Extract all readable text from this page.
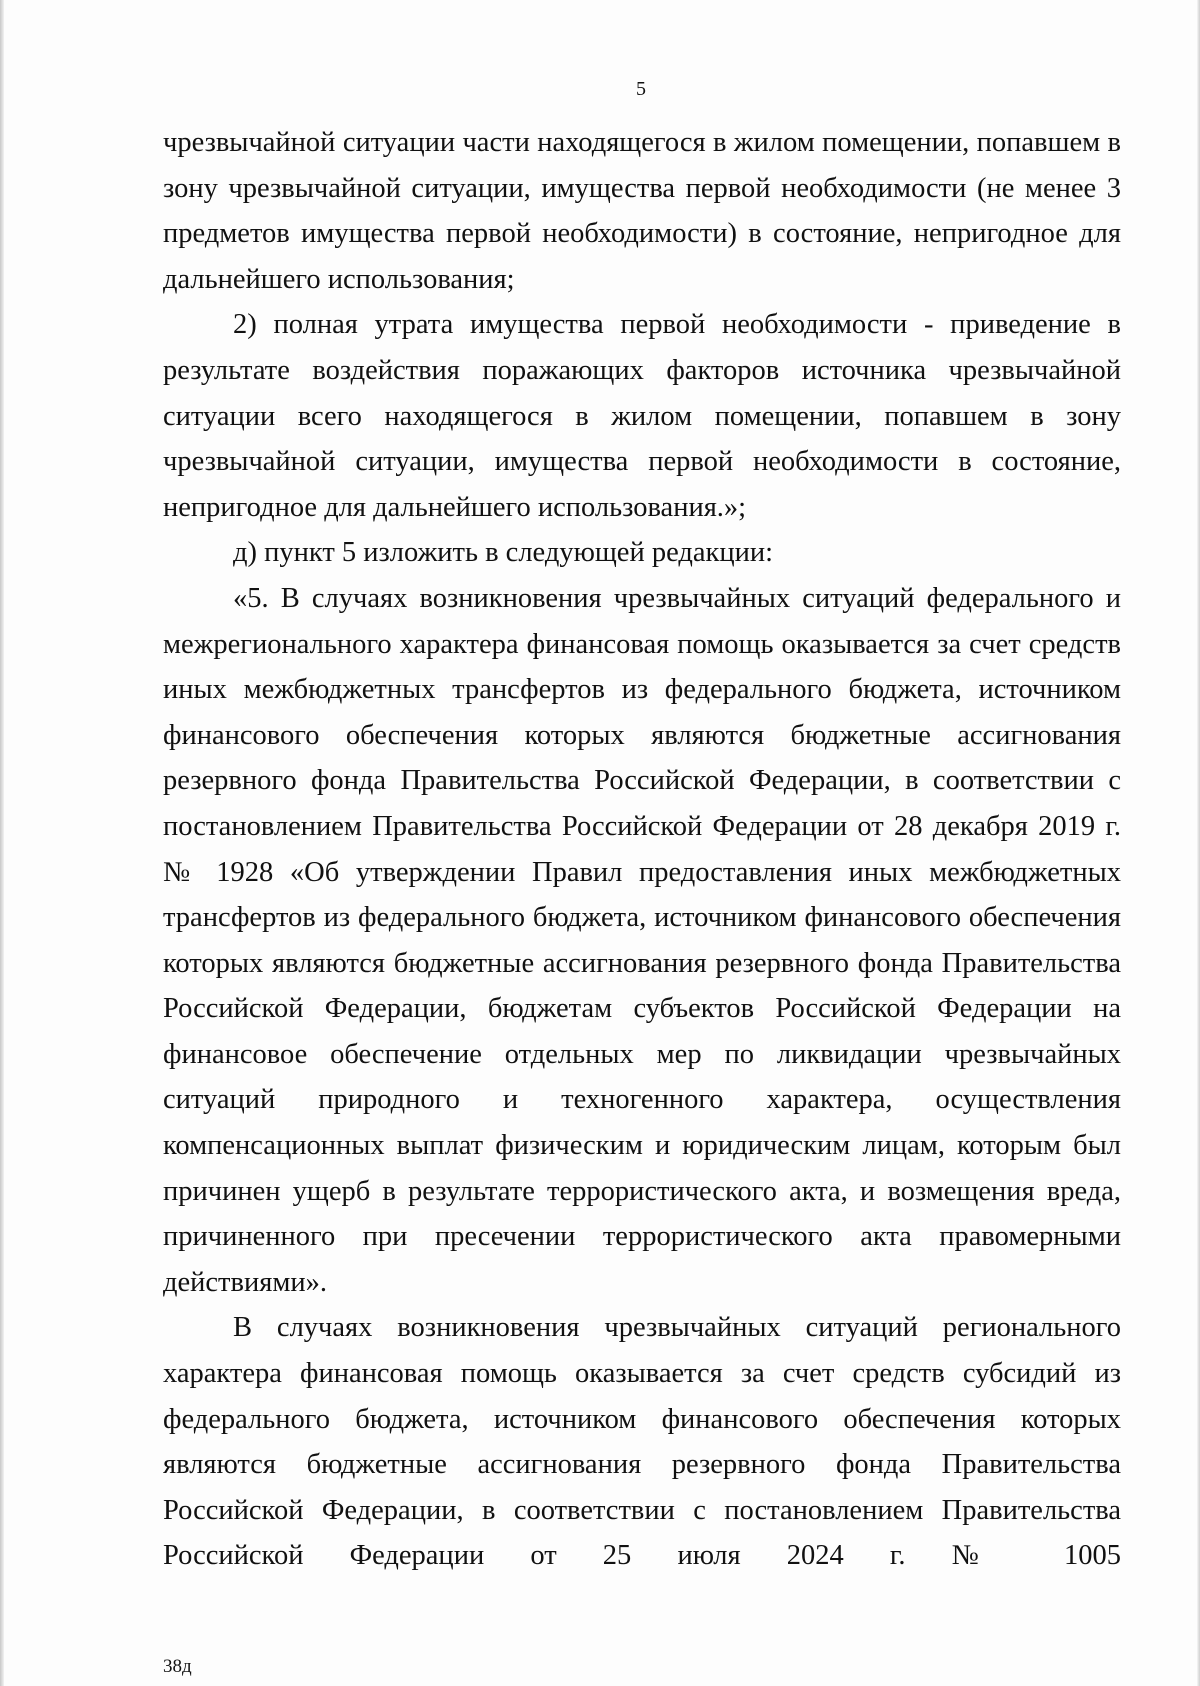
5

чрезвычайной ситуации части находящегося в жилом помещении, попавшем в зону чрезвычайной ситуации, имущества первой необходимости (не менее 3 предметов имущества первой необходимости) в состояние, непригодное для дальнейшего использования;

2) полная утрата имущества первой необходимости - приведение в результате воздействия поражающих факторов источника чрезвычайной ситуации всего находящегося в жилом помещении, попавшем в зону чрезвычайной ситуации, имущества первой необходимости в состояние, непригодное для дальнейшего использования.»;

д) пункт 5 изложить в следующей редакции:

«5. В случаях возникновения чрезвычайных ситуаций федерального и межрегионального характера финансовая помощь оказывается за счет средств иных межбюджетных трансфертов из федерального бюджета, источником финансового обеспечения которых являются бюджетные ассигнования резервного фонда Правительства Российской Федерации, в соответствии с постановлением Правительства Российской Федерации от 28 декабря 2019 г. № 1928 «Об утверждении Правил предоставления иных межбюджетных трансфертов из федерального бюджета, источником финансового обеспечения которых являются бюджетные ассигнования резервного фонда Правительства Российской Федерации, бюджетам субъектов Российской Федерации на финансовое обеспечение отдельных мер по ликвидации чрезвычайных ситуаций природного и техногенного характера, осуществления компенсационных выплат физическим и юридическим лицам, которым был причинен ущерб в результате террористического акта, и возмещения вреда, причиненного при пресечении террористического акта правомерными действиями».

В случаях возникновения чрезвычайных ситуаций регионального характера финансовая помощь оказывается за счет средств субсидий из федерального бюджета, источником финансового обеспечения которых являются бюджетные ассигнования резервного фонда Правительства Российской Федерации, в соответствии с постановлением Правительства Российской Федерации от 25 июля 2024 г. № 1005

38д
